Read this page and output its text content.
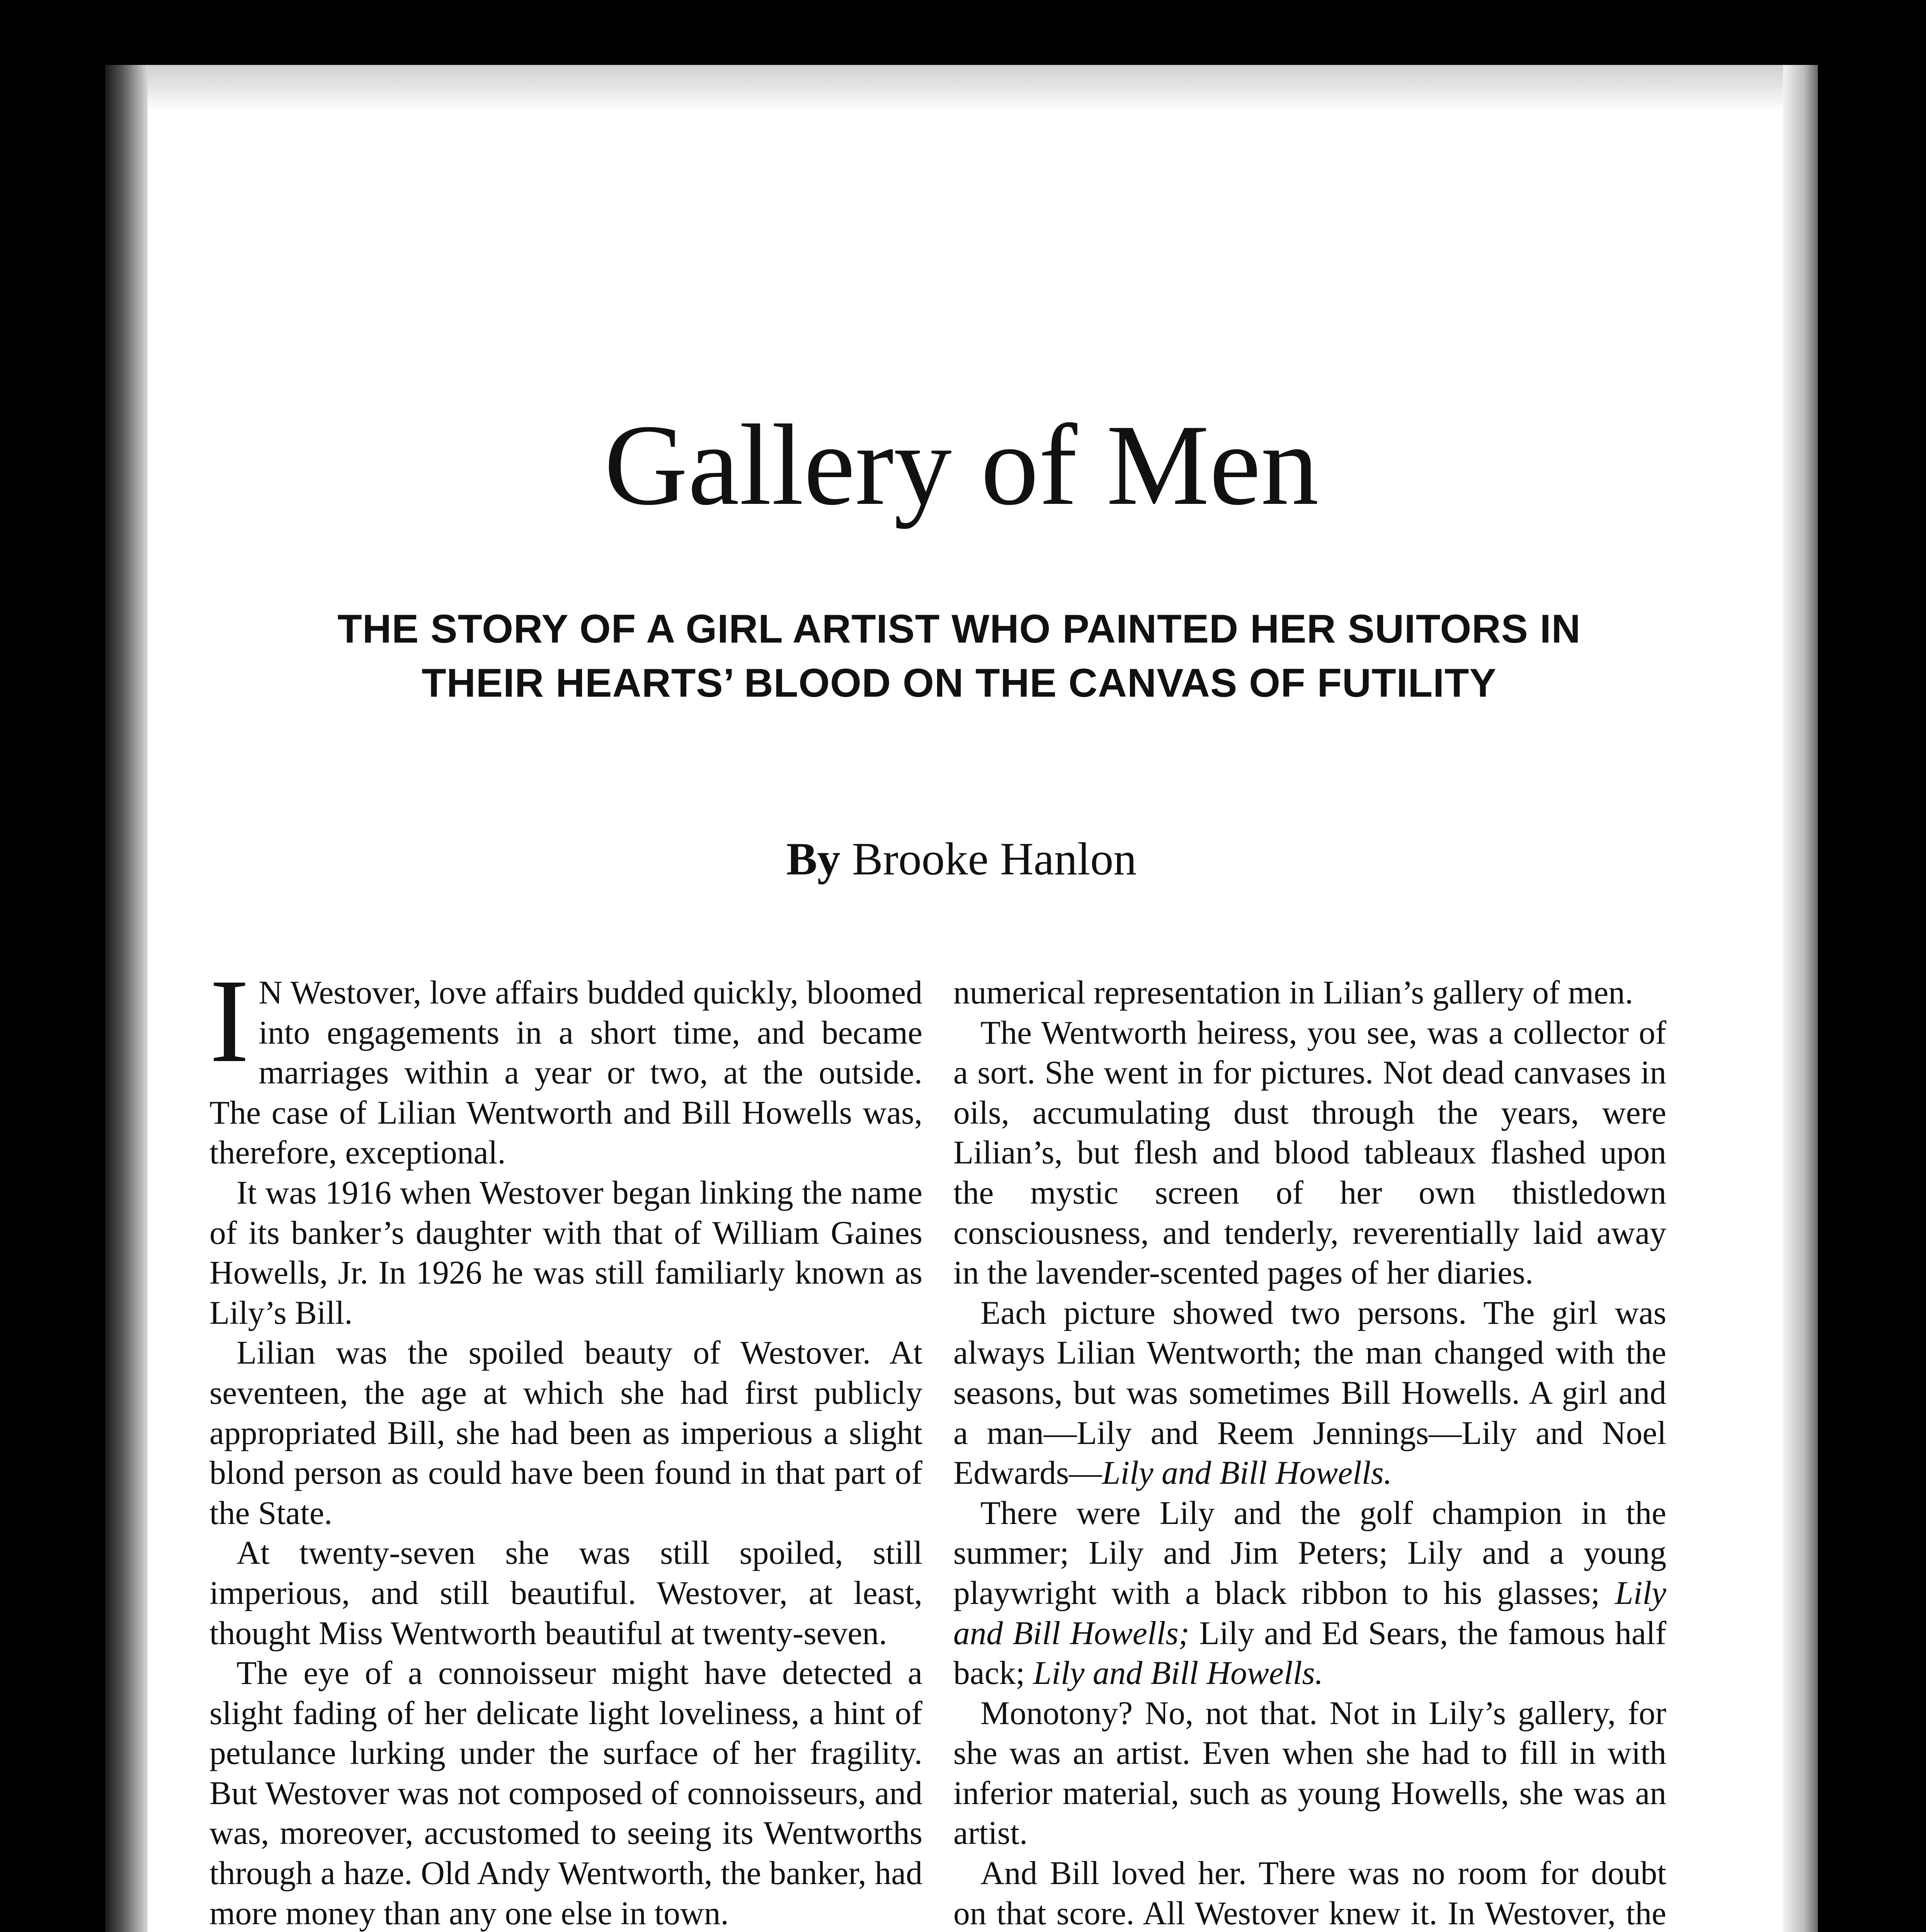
Gallery of Men
THE STORY OF A GIRL ARTIST WHO PAINTED HER SUITORS IN
THEIR HEARTS’ BLOOD ON THE CANVAS OF FUTILITY
By Brooke Hanlon

I N Westover, love affairs budded quickly, bloomed into engagements in a short time, and became marriages within a year or two, at the outside. The case of Lilian Wentworth and Bill Howells was, therefore, exceptional.

It was 1916 when Westover began linking the name of its banker’s daughter with that of William Gaines Howells, Jr. In 1926 he was still familiarly known as Lily’s Bill.

Lilian was the spoiled beauty of Westover. At seventeen, the age at which she had first publicly appropriated Bill, she had been as imperious a slight blond person as could have been found in that part of the State.

At twenty-seven she was still spoiled, still imperious, and still beautiful. Westover, at least, thought Miss Wentworth beautiful at twenty-seven.

The eye of a connoisseur might have detected a slight fading of her delicate light loveliness, a hint of petulance lurking under the surface of her fragility. But Westover was not composed of connoisseurs, and was, moreover, accustomed to seeing its Wentworths through a haze. Old Andy Wentworth, the banker, had more money than any one else in town.

numerical representation in Lilian’s gallery of men.

The Wentworth heiress, you see, was a collector of a sort. She went in for pictures. Not dead canvases in oils, accumulating dust through the years, were Lilian’s, but flesh and blood tableaux flashed upon the mystic screen of her own thistledown consciousness, and tenderly, reverentially laid away in the lavender-scented pages of her diaries.

Each picture showed two persons. The girl was always Lilian Wentworth; the man changed with the seasons, but was sometimes Bill Howells. A girl and a man—Lily and Reem Jennings—Lily and Noel Edwards—Lily and Bill Howells.

There were Lily and the golf champion in the summer; Lily and Jim Peters; Lily and a young playwright with a black ribbon to his glasses; Lily and Bill Howells; Lily and Ed Sears, the famous half back; Lily and Bill Howells.

Monotony? No, not that. Not in Lily’s gallery, for she was an artist. Even when she had to fill in with inferior material, such as young Howells, she was an artist.

And Bill loved her. There was no room for doubt on that score. All Westover knew it. In Westover, the
